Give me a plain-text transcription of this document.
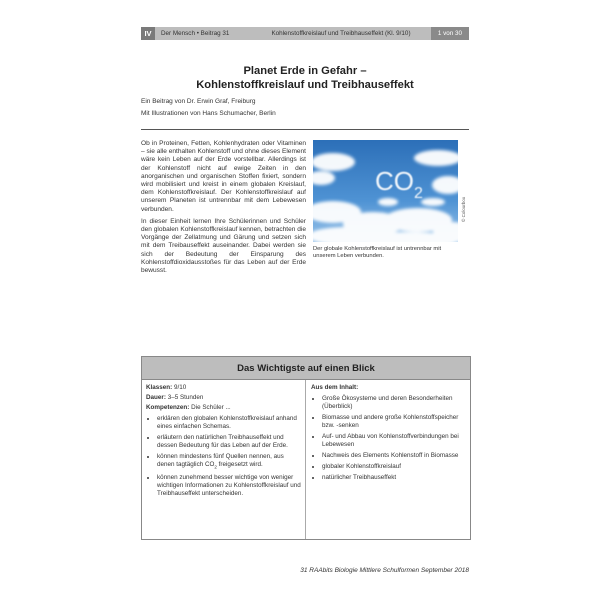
IV	Der Mensch • Beitrag 31	Kohlenstoffkreislauf und Treibhauseffekt (Kl. 9/10)	1 von 30
Planet Erde in Gefahr –
Kohlenstoffkreislauf und Treibhauseffekt
Ein Beitrag von Dr. Erwin Graf, Freiburg
Mit Illustrationen von Hans Schumacher, Berlin

Ob in Proteinen, Fetten, Kohlenhydraten oder Vitaminen – sie alle enthalten Kohlenstoff und ohne dieses Element wäre kein Leben auf der Erde vorstellbar. Allerdings ist der Kohlenstoff nicht auf ewige Zeiten in den anorganischen und organischen Stoffen fixiert, sondern wird mobilisiert und kreist in einem globalen Kreislauf, dem Kohlenstoffkreislauf. Der Kohlenstoffkreislauf auf unserem Planeten ist untrennbar mit dem Lebewesen verbunden.

In dieser Einheit lernen Ihre Schülerinnen und Schüler den globalen Kohlenstoffkreislauf kennen, betrachten die Vorgänge der Zellatmung und Gärung und setzen sich mit dem Treibauseffekt auseinander. Dabei werden sie sich der Bedeutung der Einsparung des Kohlenstoffdioxidausstoßes für das Leben auf der Erde bewusst.

$CO_2$
© Colourbox
Der globale Kohlenstoffkreislauf ist untrennbar mit unserem Leben verbunden.
Das Wichtigste auf einen Blick
Klassen: 9/10
Dauer: 3–5 Stunden
Kompetenzen: Die Schüler ...
• erklären den globalen Kohlenstoffkreislauf anhand eines einfachen Schemas.
• erläutern den natürlichen Treibhauseffekt und dessen Bedeutung für das Leben auf der Erde.
• können mindestens fünf Quellen nennen, aus denen tagtäglich $CO_2$ freigesetzt wird.
• können zunehmend besser wichtige von weniger wichtigen Informationen zu Kohlenstoffkreislauf und Treibhauseffekt unterscheiden.
Aus dem Inhalt:
• Große Ökosysteme und deren Besonderheiten (Überblick)
• Biomasse und andere große Kohlenstoffspeicher bzw. -senken
• Auf- und Abbau von Kohlenstoffverbindungen bei Lebewesen
• Nachweis des Elements Kohlenstoff in Biomasse
• globaler Kohlenstoffkreislauf
• natürlicher Treibhauseffekt
31 RAAbits Biologie Mittlere Schulformen September 2018
